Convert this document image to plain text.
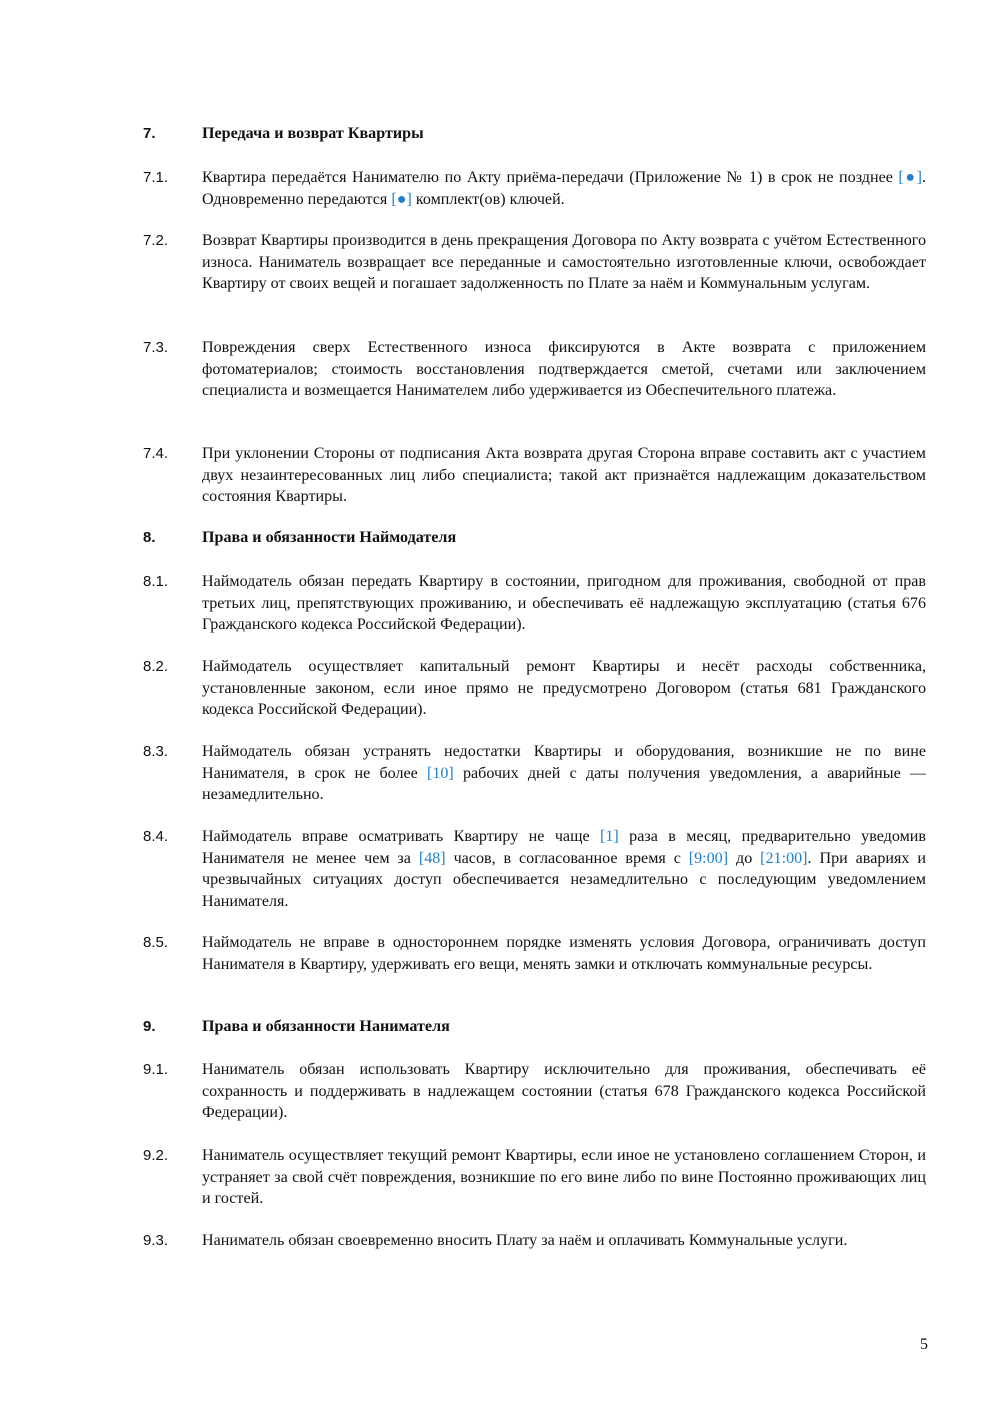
7.	Передача и возврат Квартиры
7.1.	Квартира передаётся Нанимателю по Акту приёма-передачи (Приложение № 1) в срок не позднее [●]. Одновременно передаются [●] комплект(ов) ключей.
7.2.	Возврат Квартиры производится в день прекращения Договора по Акту возврата с учётом Естественного износа. Наниматель возвращает все переданные и самостоятельно изготовленные ключи, освобождает Квартиру от своих вещей и погашает задолженность по Плате за наём и Коммунальным услугам.
7.3.	Повреждения сверх Естественного износа фиксируются в Акте возврата с приложением фотоматериалов; стоимость восстановления подтверждается сметой, счетами или заключением специалиста и возмещается Нанимателем либо удерживается из Обеспечительного платежа.
7.4.	При уклонении Стороны от подписания Акта возврата другая Сторона вправе составить акт с участием двух незаинтересованных лиц либо специалиста; такой акт признаётся надлежащим доказательством состояния Квартиры.
8.	Права и обязанности Наймодателя
8.1.	Наймодатель обязан передать Квартиру в состоянии, пригодном для проживания, свободной от прав третьих лиц, препятствующих проживанию, и обеспечивать её надлежащую эксплуатацию (статья 676 Гражданского кодекса Российской Федерации).
8.2.	Наймодатель осуществляет капитальный ремонт Квартиры и несёт расходы собственника, установленные законом, если иное прямо не предусмотрено Договором (статья 681 Гражданского кодекса Российской Федерации).
8.3.	Наймодатель обязан устранять недостатки Квартиры и оборудования, возникшие не по вине Нанимателя, в срок не более [10] рабочих дней с даты получения уведомления, а аварийные — незамедлительно.
8.4.	Наймодатель вправе осматривать Квартиру не чаще [1] раза в месяц, предварительно уведомив Нанимателя не менее чем за [48] часов, в согласованное время с [9:00] до [21:00]. При авариях и чрезвычайных ситуациях доступ обеспечивается незамедлительно с последующим уведомлением Нанимателя.
8.5.	Наймодатель не вправе в одностороннем порядке изменять условия Договора, ограничивать доступ Нанимателя в Квартиру, удерживать его вещи, менять замки и отключать коммунальные ресурсы.
9.	Права и обязанности Нанимателя
9.1.	Наниматель обязан использовать Квартиру исключительно для проживания, обеспечивать её сохранность и поддерживать в надлежащем состоянии (статья 678 Гражданского кодекса Российской Федерации).
9.2.	Наниматель осуществляет текущий ремонт Квартиры, если иное не установлено соглашением Сторон, и устраняет за свой счёт повреждения, возникшие по его вине либо по вине Постоянно проживающих лиц и гостей.
9.3.	Наниматель обязан своевременно вносить Плату за наём и оплачивать Коммунальные услуги.
5
